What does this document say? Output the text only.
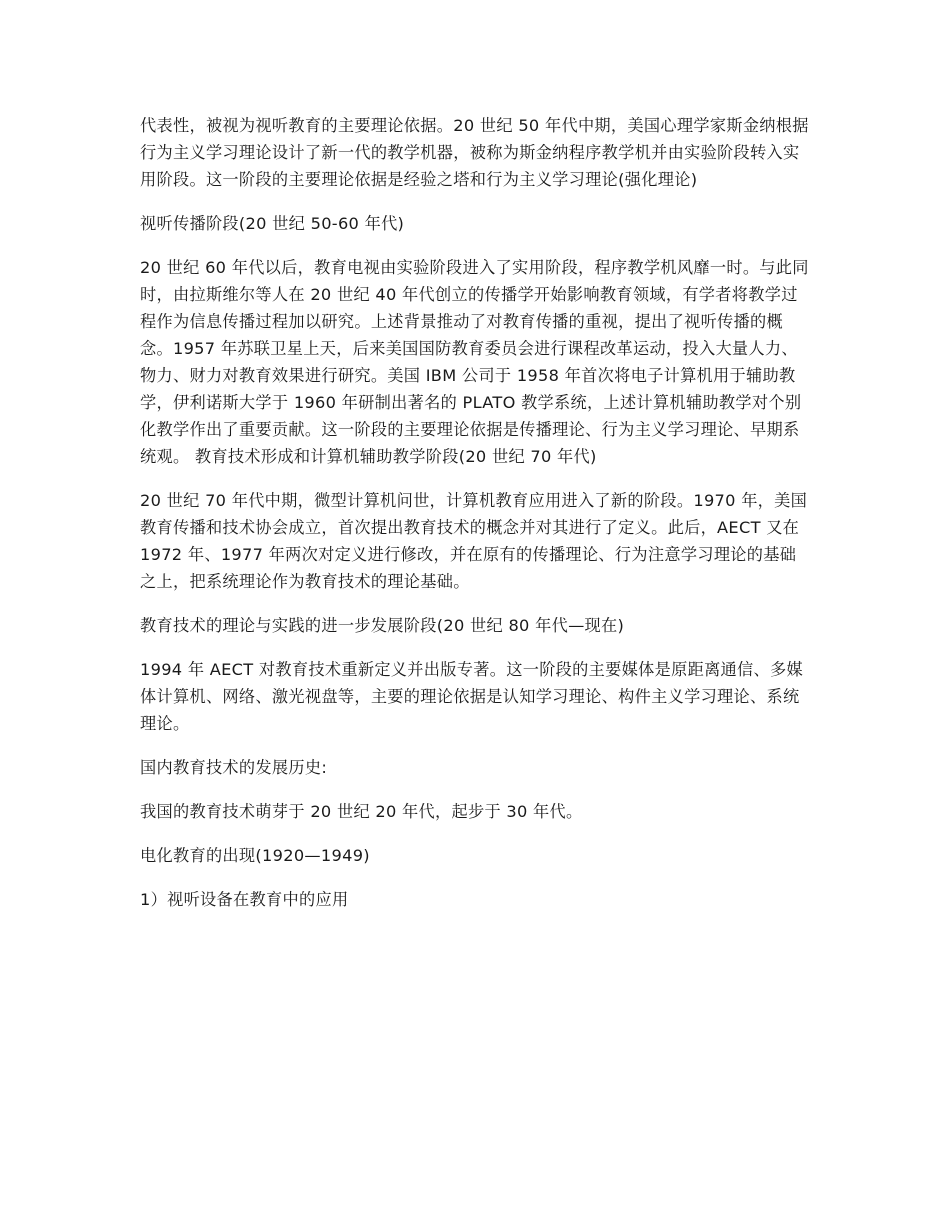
代表性，被视为视听教育的主要理论依据。20 世纪 50 年代中期，美国心理学家斯金纳根据行为主义学习理论设计了新一代的教学机器，被称为斯金纳程序教学机并由实验阶段转入实用阶段。这一阶段的主要理论依据是经验之塔和行为主义学习理论(强化理论)

视听传播阶段(20 世纪 50-60 年代)

20 世纪 60 年代以后，教育电视由实验阶段进入了实用阶段，程序教学机风靡一时。与此同时，由拉斯维尔等人在 20 世纪 40 年代创立的传播学开始影响教育领域，有学者将教学过程作为信息传播过程加以研究。上述背景推动了对教育传播的重视，提出了视听传播的概念。1957 年苏联卫星上天，后来美国国防教育委员会进行课程改革运动，投入大量人力、物力、财力对教育效果进行研究。美国 IBM 公司于 1958 年首次将电子计算机用于辅助教学，伊利诺斯大学于 1960 年研制出著名的 PLATO 教学系统，上述计算机辅助教学对个别化教学作出了重要贡献。这一阶段的主要理论依据是传播理论、行为主义学习理论、早期系统观。 教育技术形成和计算机辅助教学阶段(20 世纪 70 年代)

20 世纪 70 年代中期，微型计算机问世，计算机教育应用进入了新的阶段。1970 年，美国教育传播和技术协会成立，首次提出教育技术的概念并对其进行了定义。此后，AECT 又在 1972 年、1977 年两次对定义进行修改，并在原有的传播理论、行为注意学习理论的基础之上，把系统理论作为教育技术的理论基础。

教育技术的理论与实践的进一步发展阶段(20 世纪 80 年代—现在)

1994 年 AECT 对教育技术重新定义并出版专著。这一阶段的主要媒体是原距离通信、多媒体计算机、网络、激光视盘等，主要的理论依据是认知学习理论、构件主义学习理论、系统理论。

国内教育技术的发展历史:

我国的教育技术萌芽于 20 世纪 20 年代，起步于 30 年代。

电化教育的出现(1920—1949)

1）视听设备在教育中的应用
